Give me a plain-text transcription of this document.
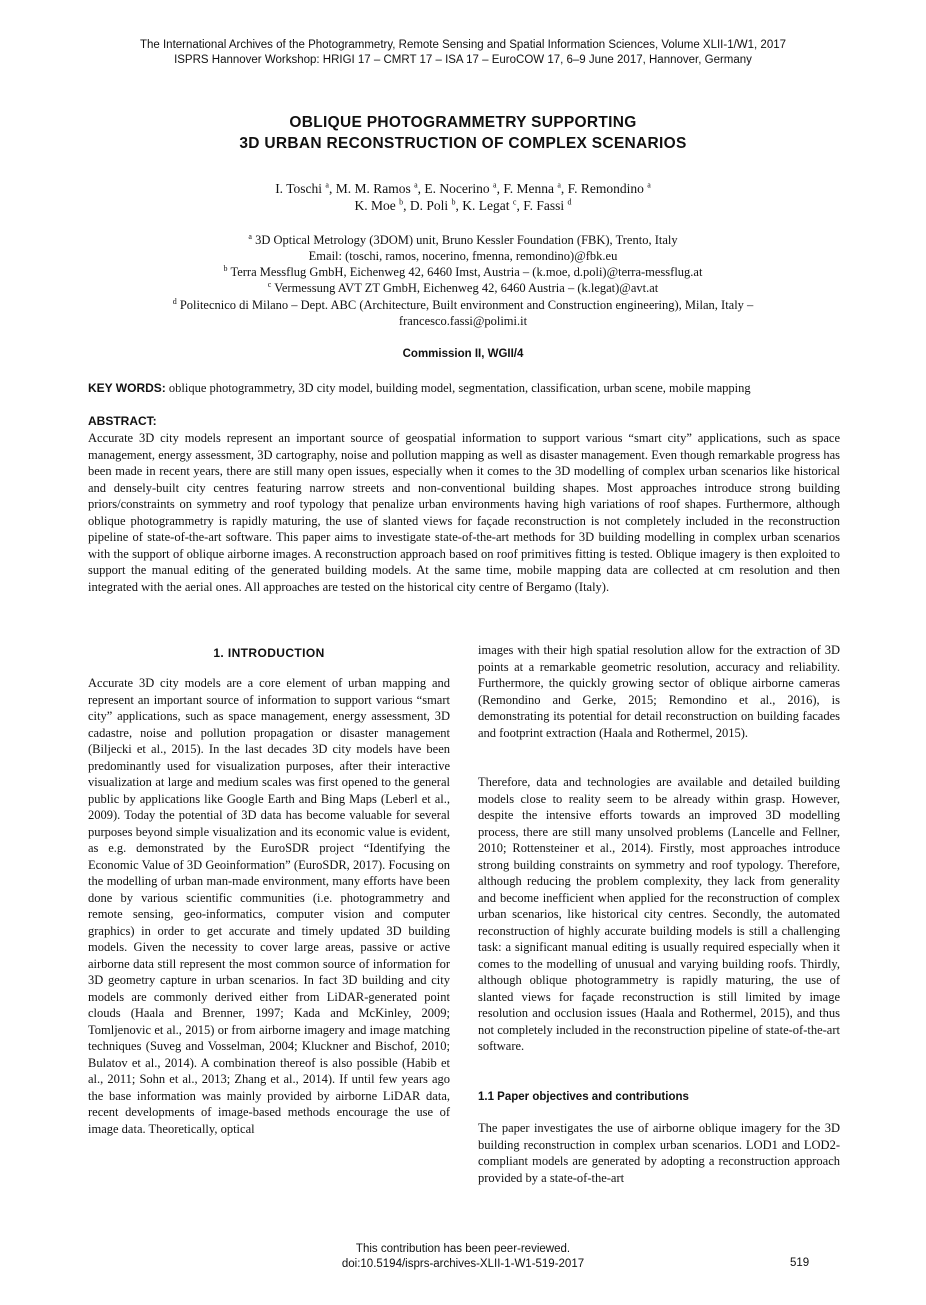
The International Archives of the Photogrammetry, Remote Sensing and Spatial Information Sciences, Volume XLII-1/W1, 2017
ISPRS Hannover Workshop: HRIGI 17 – CMRT 17 – ISA 17 – EuroCOW 17, 6–9 June 2017, Hannover, Germany
OBLIQUE PHOTOGRAMMETRY SUPPORTING
3D URBAN RECONSTRUCTION OF COMPLEX SCENARIOS
I. Toschi $^a$, M. M. Ramos $^a$, E. Nocerino $^a$, F. Menna $^a$, F. Remondino $^a$
K. Moe $^b$, D. Poli $^b$, K. Legat $^c$, F. Fassi $^d$
$^a$ 3D Optical Metrology (3DOM) unit, Bruno Kessler Foundation (FBK), Trento, Italy
Email: (toschi, ramos, nocerino, fmenna, remondino)@fbk.eu
$^b$ Terra Messflug GmbH, Eichenweg 42, 6460 Imst, Austria – (k.moe, d.poli)@terra-messflug.at
$^c$ Vermessung AVT ZT GmbH, Eichenweg 42, 6460 Austria – (k.legat)@avt.at
$^d$ Politecnico di Milano – Dept. ABC (Architecture, Built environment and Construction engineering), Milan, Italy –
francesco.fassi@polimi.it
Commission II, WGII/4
KEY WORDS: oblique photogrammetry, 3D city model, building model, segmentation, classification, urban scene, mobile mapping
ABSTRACT:

Accurate 3D city models represent an important source of geospatial information to support various “smart city” applications, such as space management, energy assessment, 3D cartography, noise and pollution mapping as well as disaster management. Even though remarkable progress has been made in recent years, there are still many open issues, especially when it comes to the 3D modelling of complex urban scenarios like historical and densely-built city centres featuring narrow streets and non-conventional building shapes. Most approaches introduce strong building priors/constraints on symmetry and roof typology that penalize urban environments having high variations of roof shapes. Furthermore, although oblique photogrammetry is rapidly maturing, the use of slanted views for façade reconstruction is not completely included in the reconstruction pipeline of state-of-the-art software. This paper aims to investigate state-of-the-art methods for 3D building modelling in complex urban scenarios with the support of oblique airborne images. A reconstruction approach based on roof primitives fitting is tested. Oblique imagery is then exploited to support the manual editing of the generated building models. At the same time, mobile mapping data are collected at cm resolution and then integrated with the aerial ones. All approaches are tested on the historical city centre of Bergamo (Italy).

1. INTRODUCTION

Accurate 3D city models are a core element of urban mapping and represent an important source of information to support various “smart city” applications, such as space management, energy assessment, 3D cadastre, noise and pollution propagation or disaster management (Biljecki et al., 2015). In the last decades 3D city models have been predominantly used for visualization purposes, after their interactive visualization at large and medium scales was first opened to the general public by applications like Google Earth and Bing Maps (Leberl et al., 2009). Today the potential of 3D data has become valuable for several purposes beyond simple visualization and its economic value is evident, as e.g. demonstrated by the EuroSDR project “Identifying the Economic Value of 3D Geoinformation” (EuroSDR, 2017). Focusing on the modelling of urban man-made environment, many efforts have been done by various scientific communities (i.e. photogrammetry and remote sensing, geo-informatics, computer vision and computer graphics) in order to get accurate and timely updated 3D building models. Given the necessity to cover large areas, passive or active airborne data still represent the most common source of information for 3D geometry capture in urban scenarios. In fact 3D building and city models are commonly derived either from LiDAR-generated point clouds (Haala and Brenner, 1997; Kada and McKinley, 2009; Tomljenovic et al., 2015) or from airborne imagery and image matching techniques (Suveg and Vosselman, 2004; Kluckner and Bischof, 2010; Bulatov et al., 2014). A combination thereof is also possible (Habib et al., 2011; Sohn et al., 2013; Zhang et al., 2014). If until few years ago the base information was mainly provided by airborne LiDAR data, recent developments of image-based methods encourage the use of image data. Theoretically, optical

images with their high spatial resolution allow for the extraction of 3D points at a remarkable geometric resolution, accuracy and reliability. Furthermore, the quickly growing sector of oblique airborne cameras (Remondino and Gerke, 2015; Remondino et al., 2016), is demonstrating its potential for detail reconstruction on building facades and footprint extraction (Haala and Rothermel, 2015).

Therefore, data and technologies are available and detailed building models close to reality seem to be already within grasp. However, despite the intensive efforts towards an improved 3D modelling process, there are still many unsolved problems (Lancelle and Fellner, 2010; Rottensteiner et al., 2014). Firstly, most approaches introduce strong building constraints on symmetry and roof typology. Therefore, although reducing the problem complexity, they lack from generality and become inefficient when applied for the reconstruction of complex urban scenarios, like historical city centres. Secondly, the automated reconstruction of highly accurate building models is still a challenging task: a significant manual editing is usually required especially when it comes to the modelling of unusual and varying building roofs. Thirdly, although oblique photogrammetry is rapidly maturing, the use of slanted views for façade reconstruction is still limited by image resolution and occlusion issues (Haala and Rothermel, 2015), and thus not completely included in the reconstruction pipeline of state-of-the-art software.

1.1 Paper objectives and contributions

The paper investigates the use of airborne oblique imagery for the 3D building reconstruction in complex urban scenarios. LOD1 and LOD2-compliant models are generated by adopting a reconstruction approach provided by a state-of-the-art

This contribution has been peer-reviewed.
doi:10.5194/isprs-archives-XLII-1-W1-519-2017	519
